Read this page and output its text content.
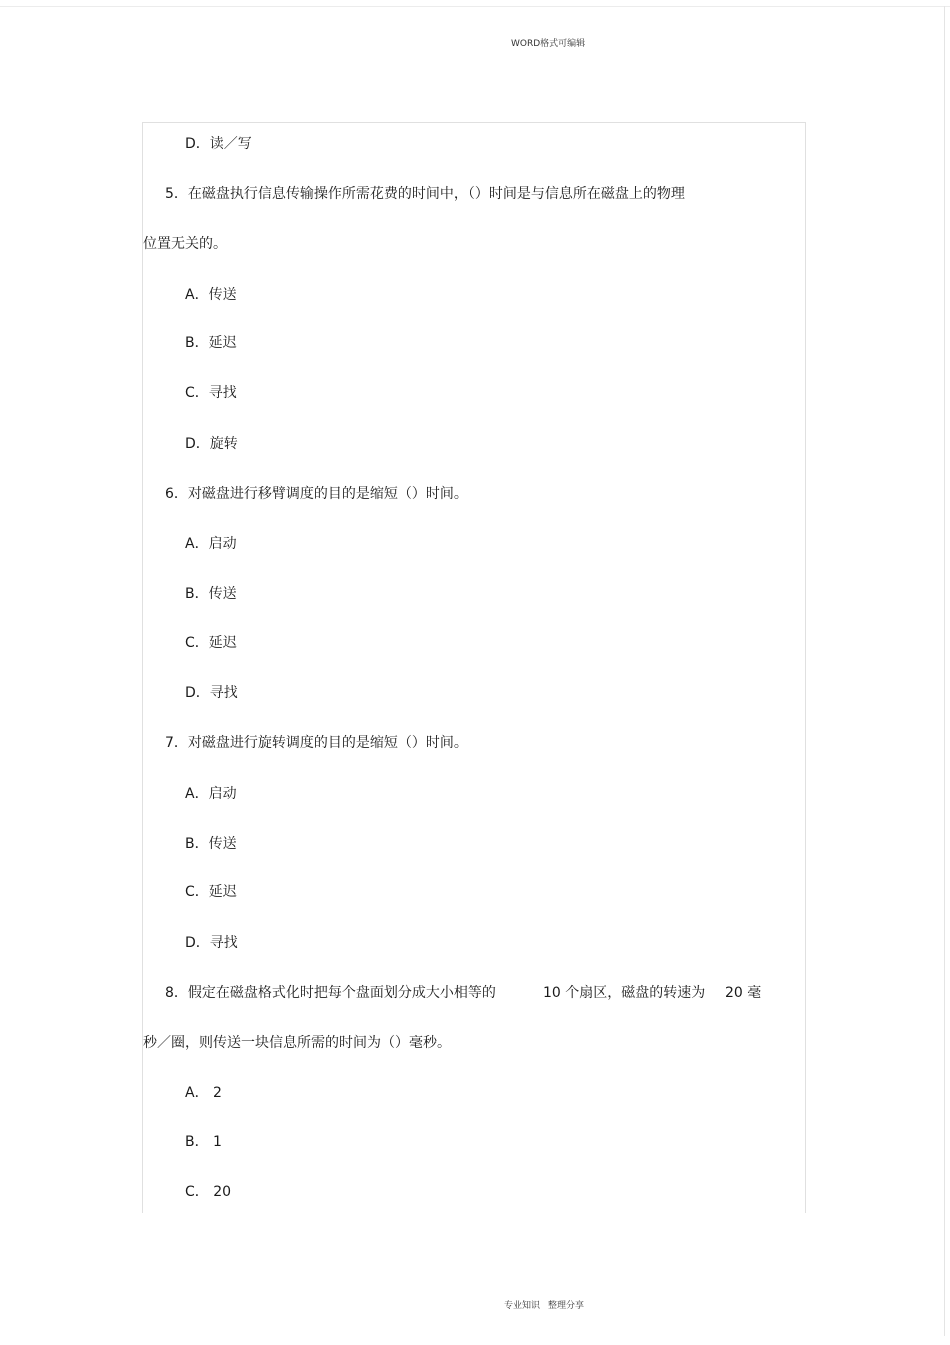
WORD格式可编辑
D．读／写
5．在磁盘执行信息传输操作所需花费的时间中，（）时间是与信息所在磁盘上的物理
位置无关的。
A．传送
B．延迟
C．寻找
D．旋转
6．对磁盘进行移臂调度的目的是缩短（）时间。
A．启动
B．传送
C．延迟
D．寻找
7．对磁盘进行旋转调度的目的是缩短（）时间。
A．启动
B．传送
C．延迟
D．寻找
8．假定在磁盘格式化时把每个盘面划分成大小相等的	10 个扇区，磁盘的转速为 20 毫
秒／圈，则传送一块信息所需的时间为（）毫秒。
A． 2
B． 1
C． 20
专业知识 整理分享
